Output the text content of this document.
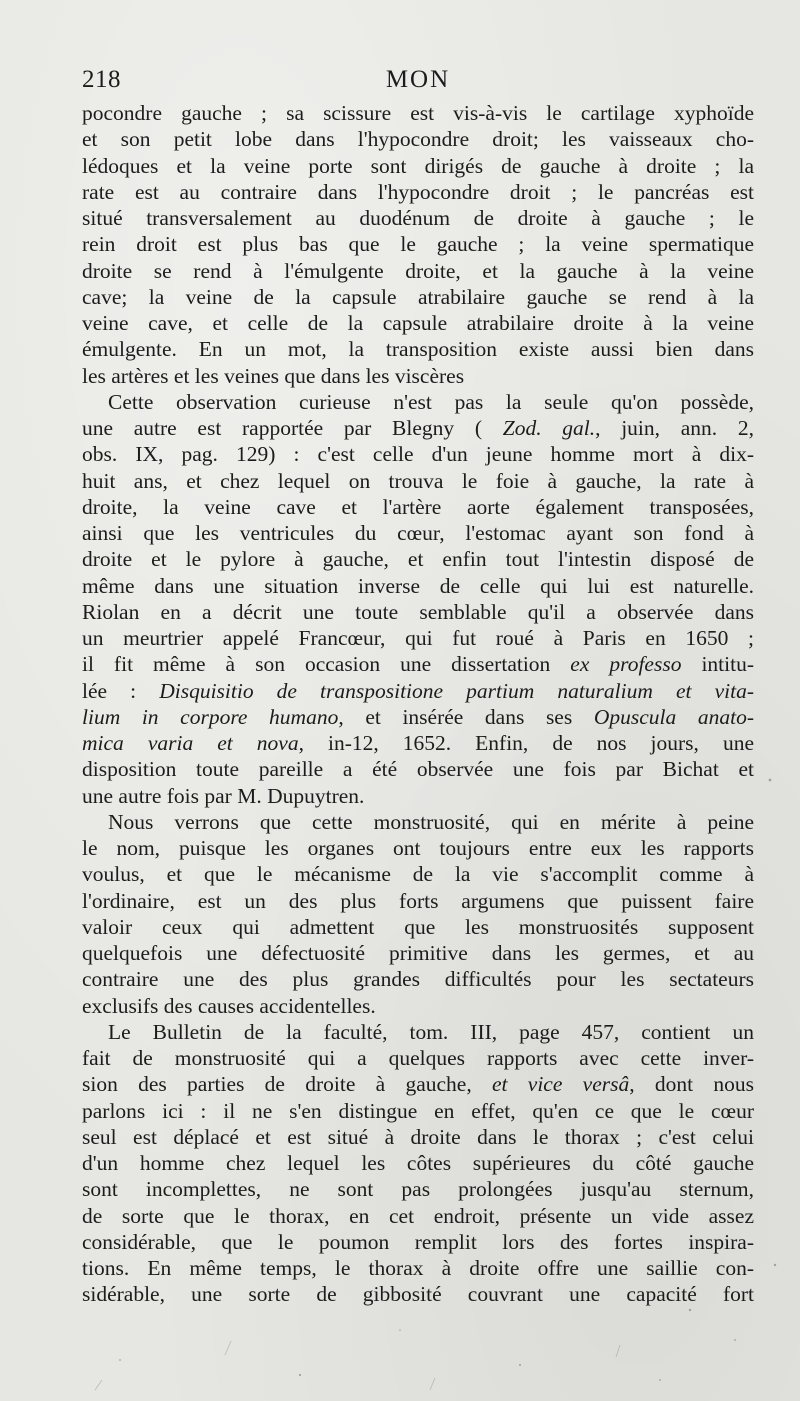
218	MON
pocondre gauche ; sa scissure est vis-à-vis le cartilage xyphoïde
et son petit lobe dans l'hypocondre droit; les vaisseaux cho-
lédoques et la veine porte sont dirigés de gauche à droite ; la
rate est au contraire dans l'hypocondre droit ; le pancréas est
situé transversalement au duodénum de droite à gauche ; le
rein droit est plus bas que le gauche ; la veine spermatique
droite se rend à l'émulgente droite, et la gauche à la veine
cave; la veine de la capsule atrabilaire gauche se rend à la
veine cave, et celle de la capsule atrabilaire droite à la veine
émulgente. En un mot, la transposition existe aussi bien dans
les artères et les veines que dans les viscères
Cette observation curieuse n'est pas la seule qu'on possède,
une autre est rapportée par Blegny ( Zod. gal., juin, ann. 2,
obs. IX, pag. 129) : c'est celle d'un jeune homme mort à dix-
huit ans, et chez lequel on trouva le foie à gauche, la rate à
droite, la veine cave et l'artère aorte également transposées,
ainsi que les ventricules du cœur, l'estomac ayant son fond à
droite et le pylore à gauche, et enfin tout l'intestin disposé de
même dans une situation inverse de celle qui lui est naturelle.
Riolan en a décrit une toute semblable qu'il a observée dans
un meurtrier appelé Francœur, qui fut roué à Paris en 1650 ;
il fit même à son occasion une dissertation ex professo intitu-
lée : Disquisitio de transpositione partium naturalium et vita-
lium in corpore humano, et insérée dans ses Opuscula anato-
mica varia et nova, in-12, 1652. Enfin, de nos jours, une
disposition toute pareille a été observée une fois par Bichat et
une autre fois par M. Dupuytren.
Nous verrons que cette monstruosité, qui en mérite à peine
le nom, puisque les organes ont toujours entre eux les rapports
voulus, et que le mécanisme de la vie s'accomplit comme à
l'ordinaire, est un des plus forts argumens que puissent faire
valoir ceux qui admettent que les monstruosités supposent
quelquefois une défectuosité primitive dans les germes, et au
contraire une des plus grandes difficultés pour les sectateurs
exclusifs des causes accidentelles.
Le Bulletin de la faculté, tom. III, page 457, contient un
fait de monstruosité qui a quelques rapports avec cette inver-
sion des parties de droite à gauche, et vice versâ, dont nous
parlons ici : il ne s'en distingue en effet, qu'en ce que le cœur
seul est déplacé et est situé à droite dans le thorax ; c'est celui
d'un homme chez lequel les côtes supérieures du côté gauche
sont incomplettes, ne sont pas prolongées jusqu'au sternum,
de sorte que le thorax, en cet endroit, présente un vide assez
considérable, que le poumon remplit lors des fortes inspira-
tions. En même temps, le thorax à droite offre une saillie con-
sidérable, une sorte de gibbosité couvrant une capacité fort
